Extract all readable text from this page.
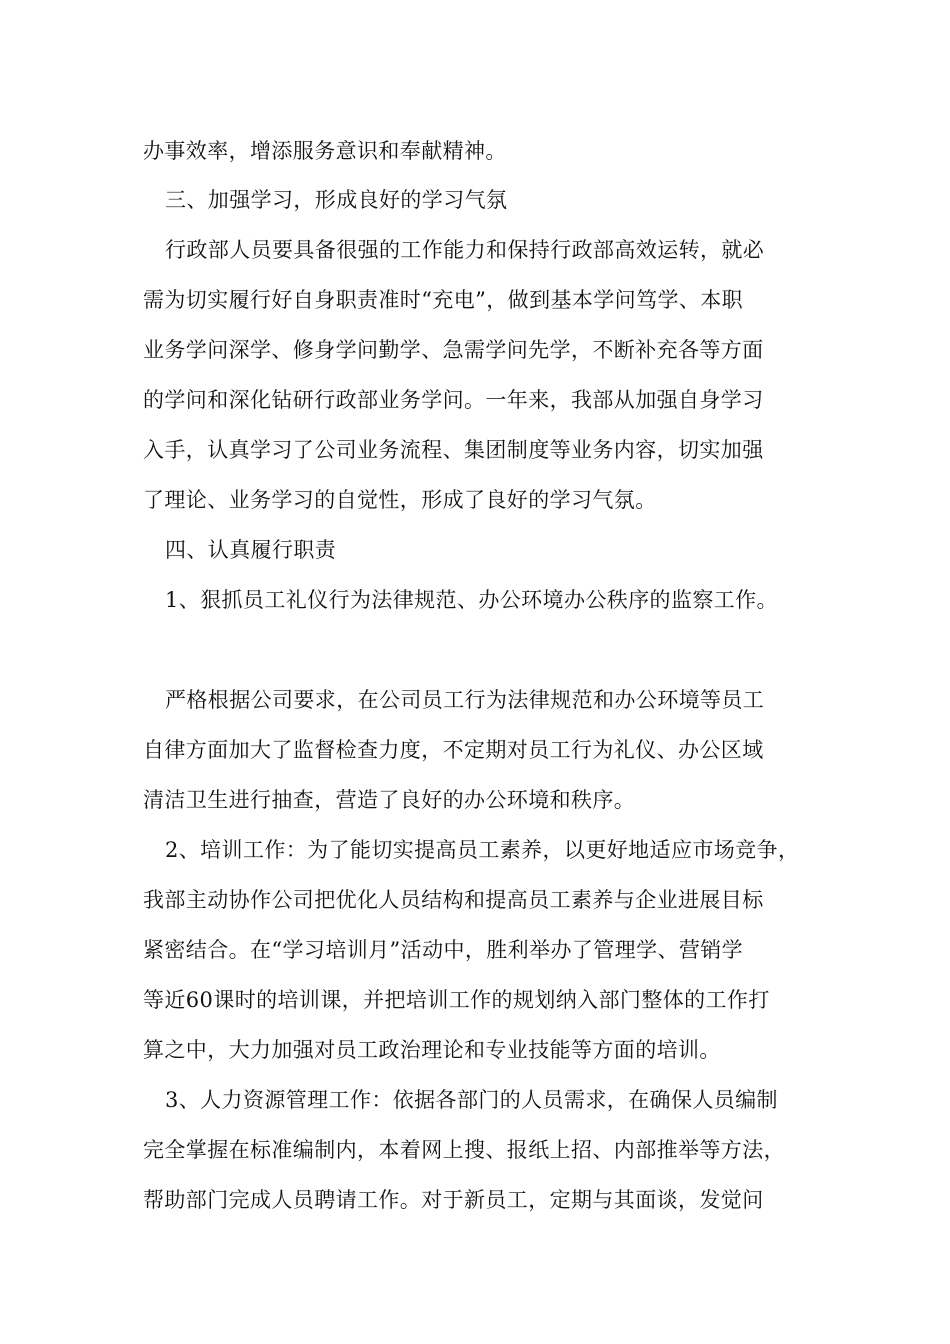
办事效率，增添服务意识和奉献精神。
三、加强学习，形成良好的学习气氛
行政部人员要具备很强的工作能力和保持行政部高效运转，就必
需为切实履行好自身职责准时“充电”，做到基本学问笃学、本职
业务学问深学、修身学问勤学、急需学问先学，不断补充各等方面
的学问和深化钻研行政部业务学问。一年来，我部从加强自身学习
入手，认真学习了公司业务流程、集团制度等业务内容，切实加强
了理论、业务学习的自觉性，形成了良好的学习气氛。
四、认真履行职责
1、狠抓员工礼仪行为法律规范、办公环境办公秩序的监察工作。
严格根据公司要求，在公司员工行为法律规范和办公环境等员工
自律方面加大了监督检查力度，不定期对员工行为礼仪、办公区域
清洁卫生进行抽查，营造了良好的办公环境和秩序。
2、培训工作：为了能切实提高员工素养，以更好地适应市场竞争，
我部主动协作公司把优化人员结构和提高员工素养与企业进展目标
紧密结合。在“学习培训月”活动中，胜利举办了管理学、营销学
等近60课时的培训课，并把培训工作的规划纳入部门整体的工作打
算之中，大力加强对员工政治理论和专业技能等方面的培训。
3、人力资源管理工作：依据各部门的人员需求，在确保人员编制
完全掌握在标准编制内，本着网上搜、报纸上招、内部推举等方法，
帮助部门完成人员聘请工作。对于新员工，定期与其面谈，发觉问
